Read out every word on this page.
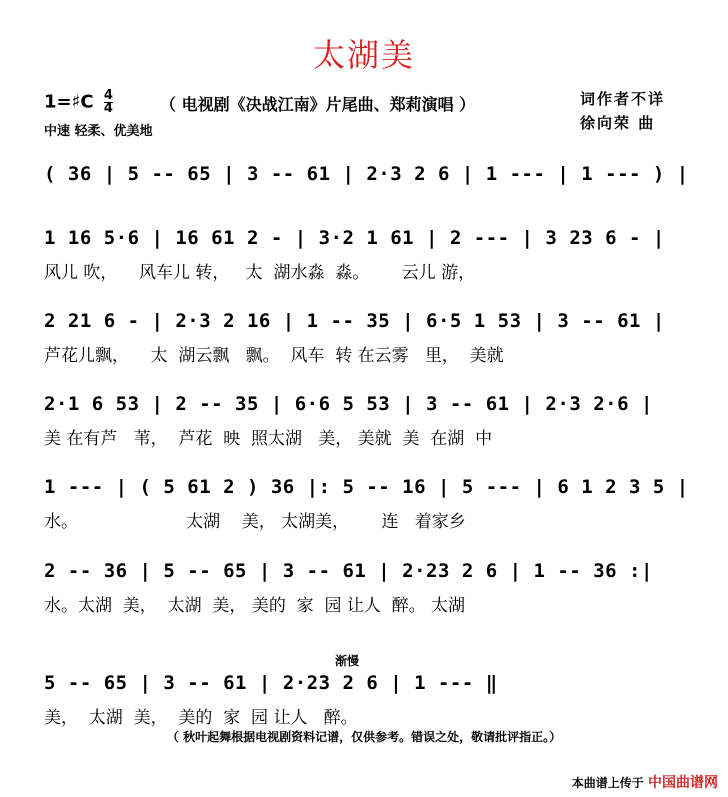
太湖美
1=♯C $\frac{4}{4}$	（ 电视剧《决战江南》片尾曲、郑莉演唱 ）
中速 轻柔、优美地
词作者不详
徐向荣 曲
( 36 | 5 -- 65 | 3 -- 61 | 2·3 2 6 | 1 --- | 1 --- ) |
1 16 5·6 | 16 61 2 - | 3·2 1 61 | 2 --- | 3 23 6 - |
风儿 吹，    风车儿 转，   太  湖水淼  淼。      云儿 游，
2 21 6 - | 2·3 2 16 | 1 -- 35 | 6·5 1 53 | 3 -- 61 |
芦花儿飘，    太  湖云飘   飘。  风车  转 在云雾   里，  美就
2·1 6 53 | 2 -- 35 | 6·6 5 53 | 3 -- 61 | 2·3 2·6 |
美 在有芦   苇，  芦花  映  照太湖   美， 美就  美  在湖  中
1 --- | ( 5 61 2 ) 36 |: 5 -- 16 | 5 --- | 6 1 2 3 5 |
水。                    太湖    美， 太湖美，      连   着家乡
2 -- 36 | 5 -- 65 | 3 -- 61 | 2·23 2 6 | 1 -- 36 :|
水。太湖  美，  太湖  美， 美的  家  园 让人  醉。 太湖
5 -- 65 | 3 -- 61 | 2·23 2 6 | 1 --- ‖
美，  太湖  美，  美的  家  园 让人   醉。
渐慢
（ 秋叶起舞根据电视剧资料记谱，仅供参考。错误之处，敬请批评指正。）
本曲谱上传于 中国曲谱网
